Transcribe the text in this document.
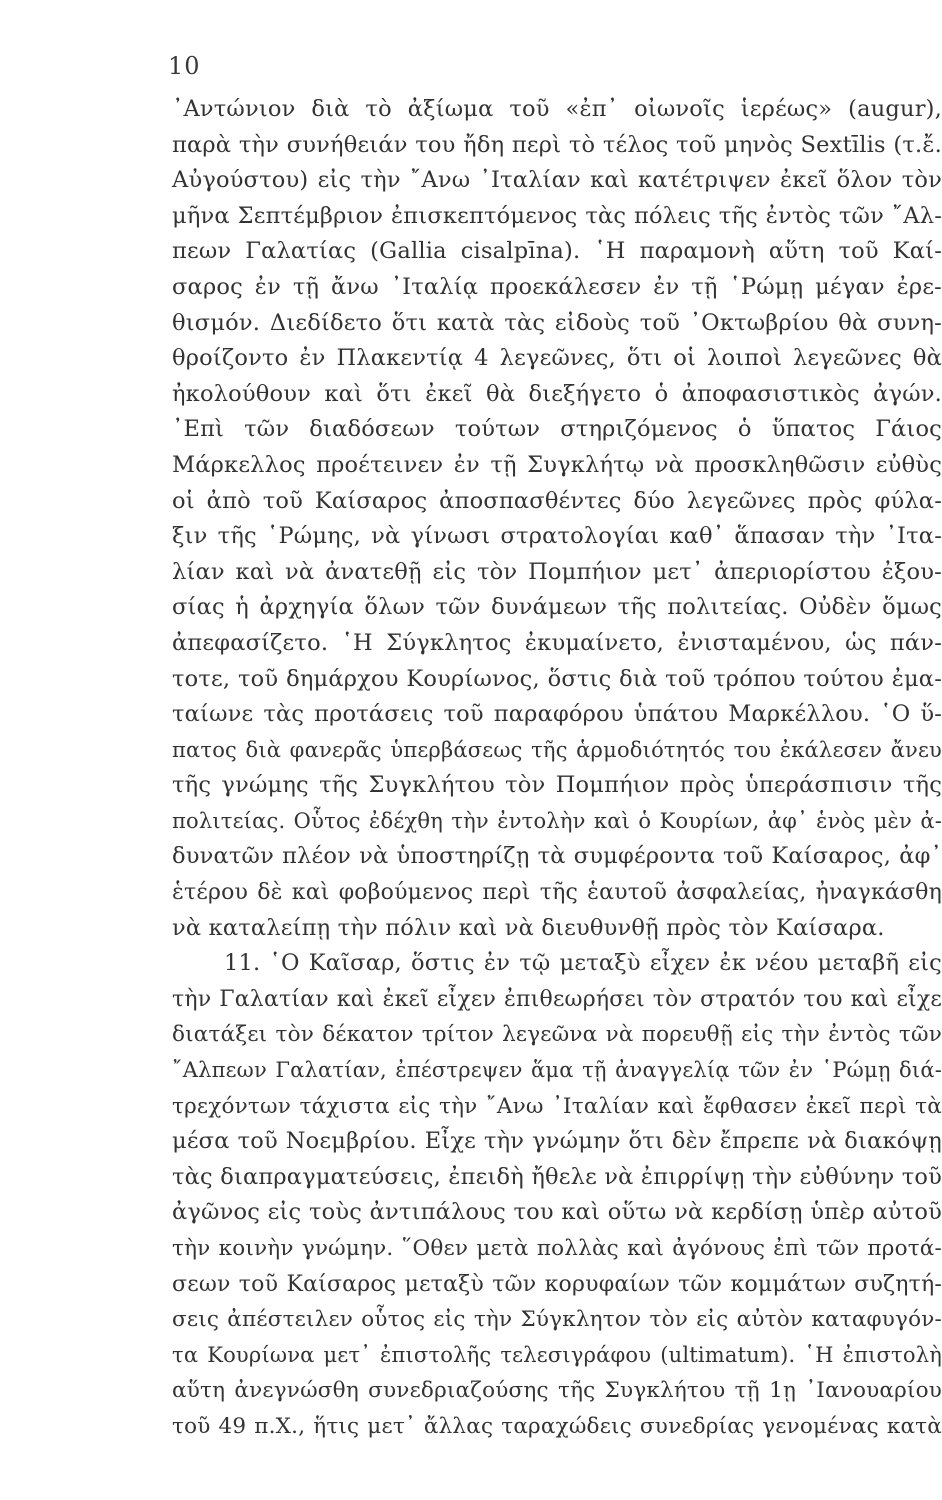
10
᾽Αντώνιον διὰ τὸ ἀξίωμα τοῦ «ἐπ᾽ οἰωνοῖς ἱερέως» (augur),
παρὰ τὴν συνήθειάν του ἤδη περὶ τὸ τέλος τοῦ μηνὸς Sextīlis (τ.ἔ.
Αὐγούστου) εἰς τὴν ῎Ανω ᾽Ιταλίαν καὶ κατέτριψεν ἐκεῖ ὅλον τὸν
μῆνα Σεπτέμβριον ἐπισκεπτόμενος τὰς πόλεις τῆς ἐντὸς τῶν ῎Αλ-
πεων Γαλατίας (Gallia cisalpīna). ῾Η παραμονὴ αὕτη τοῦ Καί-
σαρος ἐν τῇ ἄνω ᾽Ιταλίᾳ προεκάλεσεν ἐν τῇ ῾Ρώμῃ μέγαν ἐρε-
θισμόν. Διεδίδετο ὅτι κατὰ τὰς εἰδοὺς τοῦ ᾽Οκτωβρίου θὰ συνη-
θροίζοντο ἐν Πλακεντίᾳ 4 λεγεῶνες, ὅτι οἱ λοιποὶ λεγεῶνες θὰ
ἠκολούθουν καὶ ὅτι ἐκεῖ θὰ διεξήγετο ὁ ἀποφασιστικὸς ἀγών.
᾽Επὶ τῶν διαδόσεων τούτων στηριζόμενος ὁ ὕπατος Γάιος
Μάρκελλος προέτεινεν ἐν τῇ Συγκλήτῳ νὰ προσκληθῶσιν εὐθὺς
οἱ ἀπὸ τοῦ Καίσαρος ἀποσπασθέντες δύο λεγεῶνες πρὸς φύλα-
ξιν τῆς ῾Ρώμης, νὰ γίνωσι στρατολογίαι καθ᾽ ἅπασαν τὴν ᾽Ιτα-
λίαν καὶ νὰ ἀνατεθῇ εἰς τὸν Πομπήιον μετ᾽ ἀπεριορίστου ἐξου-
σίας ἡ ἀρχηγία ὅλων τῶν δυνάμεων τῆς πολιτείας. Οὐδὲν ὅμως
ἀπεφασίζετο. ῾Η Σύγκλητος ἐκυμαίνετο, ἐνισταμένου, ὡς πάν-
τοτε, τοῦ δημάρχου Κουρίωνος, ὅστις διὰ τοῦ τρόπου τούτου ἐμα-
ταίωνε τὰς προτάσεις τοῦ παραφόρου ὑπάτου Μαρκέλλου. ῾Ο ὕ-
πατος διὰ φανερᾶς ὑπερβάσεως τῆς ἁρμοδιότητός του ἐκάλεσεν ἄνευ
τῆς γνώμης τῆς Συγκλήτου τὸν Πομπήιον πρὸς ὑπεράσπισιν τῆς
πολιτείας. Οὗτος ἐδέχθη τὴν ἐντολὴν καὶ ὁ Κουρίων, ἀφ᾽ ἑνὸς μὲν ἀ-
δυνατῶν πλέον νὰ ὑποστηρίζῃ τὰ συμφέροντα τοῦ Καίσαρος, ἀφ᾽
ἑτέρου δὲ καὶ φοβούμενος περὶ τῆς ἑαυτοῦ ἀσφαλείας, ἠναγκάσθη
νὰ καταλείπῃ τὴν πόλιν καὶ νὰ διευθυνθῇ πρὸς τὸν Καίσαρα.
11. ῾Ο Καῖσαρ, ὅστις ἐν τῷ μεταξὺ εἶχεν ἐκ νέου μεταβῆ εἰς
τὴν Γαλατίαν καὶ ἐκεῖ εἶχεν ἐπιθεωρήσει τὸν στρατόν του καὶ εἶχε
διατάξει τὸν δέκατον τρίτον λεγεῶνα νὰ πορευθῇ εἰς τὴν ἐντὸς τῶν
῎Αλπεων Γαλατίαν, ἐπέστρεψεν ἅμα τῇ ἀναγγελίᾳ τῶν ἐν ῾Ρώμῃ διά-
τρεχόντων τάχιστα εἰς τὴν ῎Ανω ᾽Ιταλίαν καὶ ἔφθασεν ἐκεῖ περὶ τὰ
μέσα τοῦ Νοεμβρίου. Εἶχε τὴν γνώμην ὅτι δὲν ἔπρεπε νὰ διακόψῃ
τὰς διαπραγματεύσεις, ἐπειδὴ ἤθελε νὰ ἐπιρρίψῃ τὴν εὐθύνην τοῦ
ἀγῶνος εἰς τοὺς ἀντιπάλους του καὶ οὕτω νὰ κερδίσῃ ὑπὲρ αὐτοῦ
τὴν κοινὴν γνώμην. ῞Οθεν μετὰ πολλὰς καὶ ἀγόνους ἐπὶ τῶν προτά-
σεων τοῦ Καίσαρος μεταξὺ τῶν κορυφαίων τῶν κομμάτων συζητή-
σεις ἀπέστειλεν οὗτος εἰς τὴν Σύγκλητον τὸν εἰς αὐτὸν καταφυγόν-
τα Κουρίωνα μετ᾽ ἐπιστολῆς τελεσιγράφου (ultimatum). ῾Η ἐπιστολὴ
αὕτη ἀνεγνώσθη συνεδριαζούσης τῆς Συγκλήτου τῇ 1ῃ ᾽Ιανουαρίου
τοῦ 49 π.Χ., ἥτις μετ᾽ ἄλλας ταραχώδεις συνεδρίας γενομένας κατὰ
